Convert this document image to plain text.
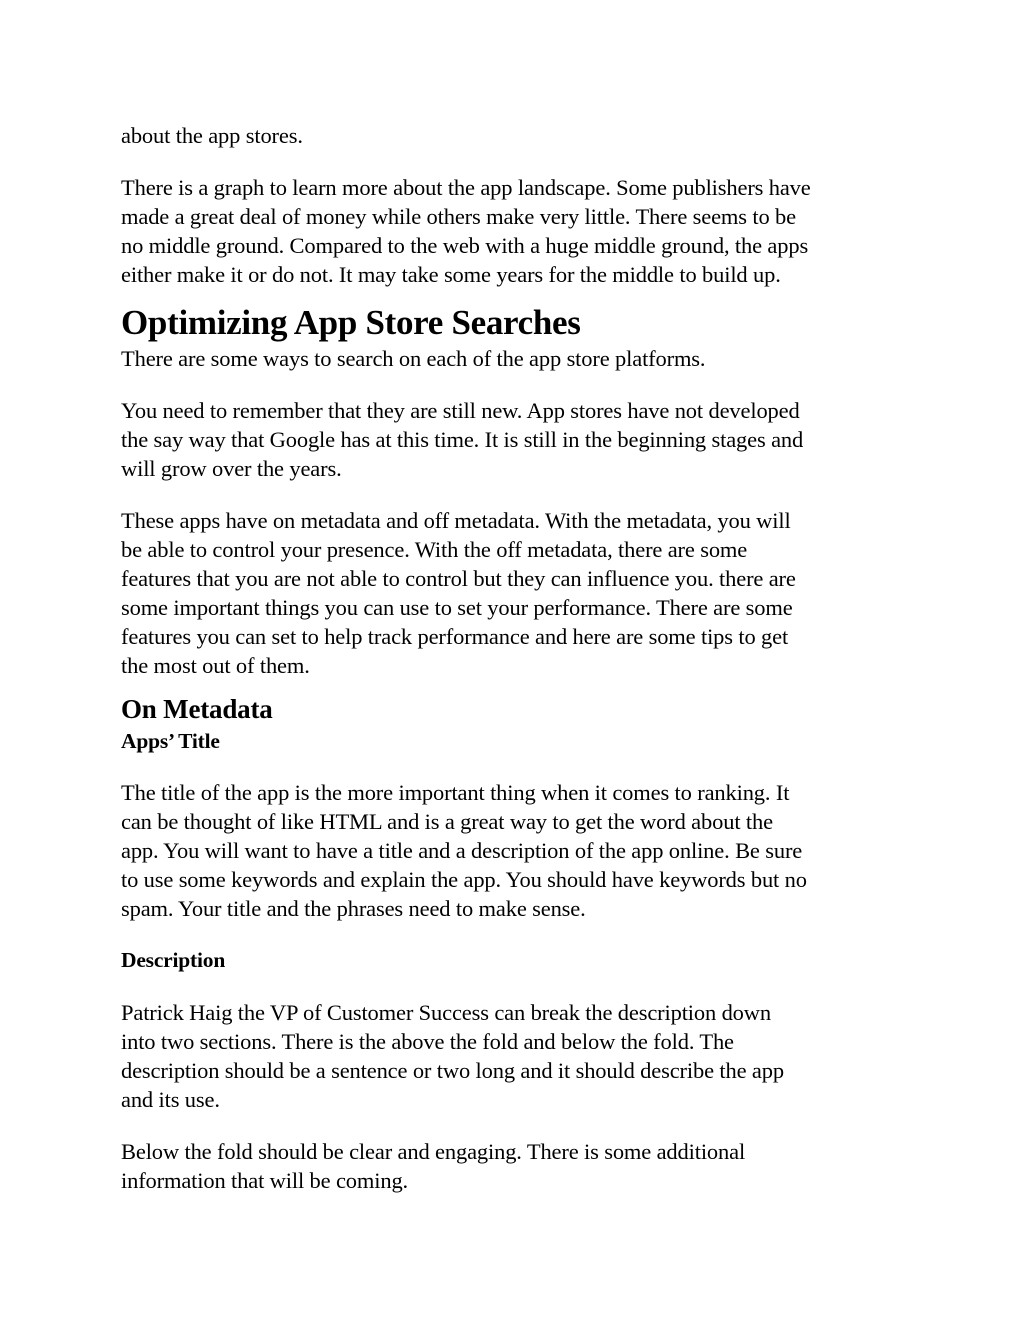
about the app stores.
There is a graph to learn more about the app landscape. Some publishers have
made a great deal of money while others make very little. There seems to be
no middle ground. Compared to the web with a huge middle ground, the apps
either make it or do not. It may take some years for the middle to build up.
Optimizing App Store Searches
There are some ways to search on each of the app store platforms.
You need to remember that they are still new. App stores have not developed
the say way that Google has at this time. It is still in the beginning stages and
will grow over the years.
These apps have on metadata and off metadata. With the metadata, you will
be able to control your presence. With the off metadata, there are some
features that you are not able to control but they can influence you. there are
some important things you can use to set your performance. There are some
features you can set to help track performance and here are some tips to get
the most out of them.
On Metadata
Apps’ Title
The title of the app is the more important thing when it comes to ranking. It
can be thought of like HTML and is a great way to get the word about the
app. You will want to have a title and a description of the app online. Be sure
to use some keywords and explain the app. You should have keywords but no
spam. Your title and the phrases need to make sense.
Description
Patrick Haig the VP of Customer Success can break the description down
into two sections. There is the above the fold and below the fold. The
description should be a sentence or two long and it should describe the app
and its use.
Below the fold should be clear and engaging. There is some additional
information that will be coming.
